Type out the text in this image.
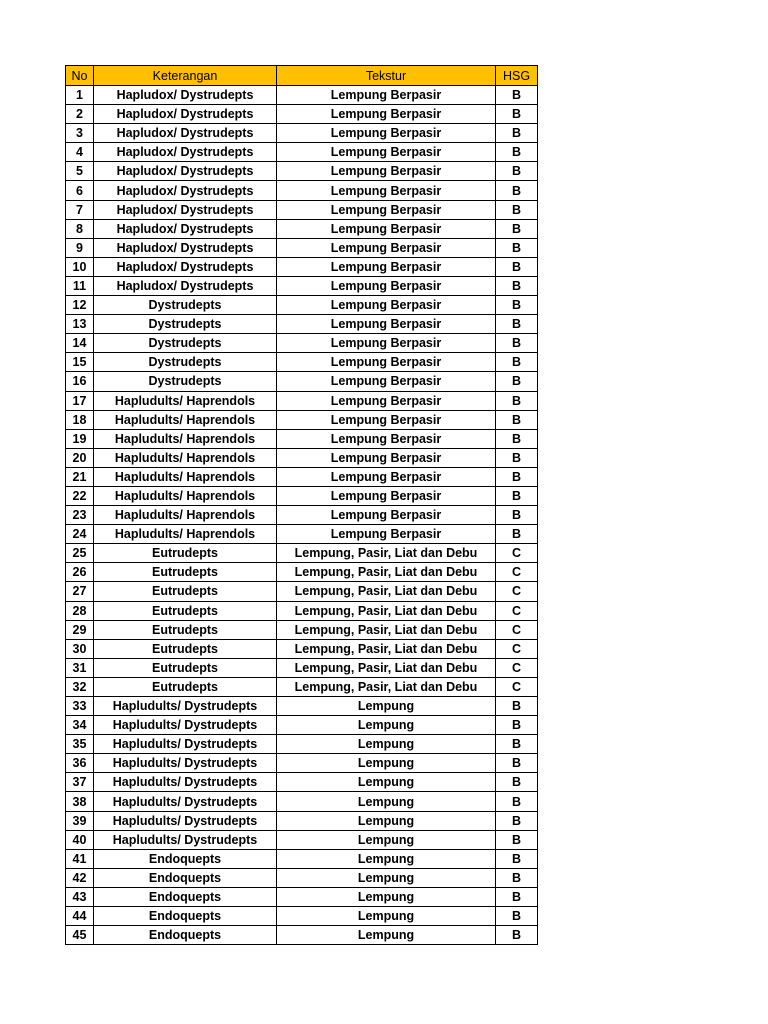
No	Keterangan	Tekstur	HSG
1	Hapludox/ Dystrudepts	Lempung Berpasir	B
2	Hapludox/ Dystrudepts	Lempung Berpasir	B
3	Hapludox/ Dystrudepts	Lempung Berpasir	B
4	Hapludox/ Dystrudepts	Lempung Berpasir	B
5	Hapludox/ Dystrudepts	Lempung Berpasir	B
6	Hapludox/ Dystrudepts	Lempung Berpasir	B
7	Hapludox/ Dystrudepts	Lempung Berpasir	B
8	Hapludox/ Dystrudepts	Lempung Berpasir	B
9	Hapludox/ Dystrudepts	Lempung Berpasir	B
10	Hapludox/ Dystrudepts	Lempung Berpasir	B
11	Hapludox/ Dystrudepts	Lempung Berpasir	B
12	Dystrudepts	Lempung Berpasir	B
13	Dystrudepts	Lempung Berpasir	B
14	Dystrudepts	Lempung Berpasir	B
15	Dystrudepts	Lempung Berpasir	B
16	Dystrudepts	Lempung Berpasir	B
17	Hapludults/ Haprendols	Lempung Berpasir	B
18	Hapludults/ Haprendols	Lempung Berpasir	B
19	Hapludults/ Haprendols	Lempung Berpasir	B
20	Hapludults/ Haprendols	Lempung Berpasir	B
21	Hapludults/ Haprendols	Lempung Berpasir	B
22	Hapludults/ Haprendols	Lempung Berpasir	B
23	Hapludults/ Haprendols	Lempung Berpasir	B
24	Hapludults/ Haprendols	Lempung Berpasir	B
25	Eutrudepts	Lempung, Pasir, Liat dan Debu	C
26	Eutrudepts	Lempung, Pasir, Liat dan Debu	C
27	Eutrudepts	Lempung, Pasir, Liat dan Debu	C
28	Eutrudepts	Lempung, Pasir, Liat dan Debu	C
29	Eutrudepts	Lempung, Pasir, Liat dan Debu	C
30	Eutrudepts	Lempung, Pasir, Liat dan Debu	C
31	Eutrudepts	Lempung, Pasir, Liat dan Debu	C
32	Eutrudepts	Lempung, Pasir, Liat dan Debu	C
33	Hapludults/ Dystrudepts	Lempung	B
34	Hapludults/ Dystrudepts	Lempung	B
35	Hapludults/ Dystrudepts	Lempung	B
36	Hapludults/ Dystrudepts	Lempung	B
37	Hapludults/ Dystrudepts	Lempung	B
38	Hapludults/ Dystrudepts	Lempung	B
39	Hapludults/ Dystrudepts	Lempung	B
40	Hapludults/ Dystrudepts	Lempung	B
41	Endoquepts	Lempung	B
42	Endoquepts	Lempung	B
43	Endoquepts	Lempung	B
44	Endoquepts	Lempung	B
45	Endoquepts	Lempung	B
